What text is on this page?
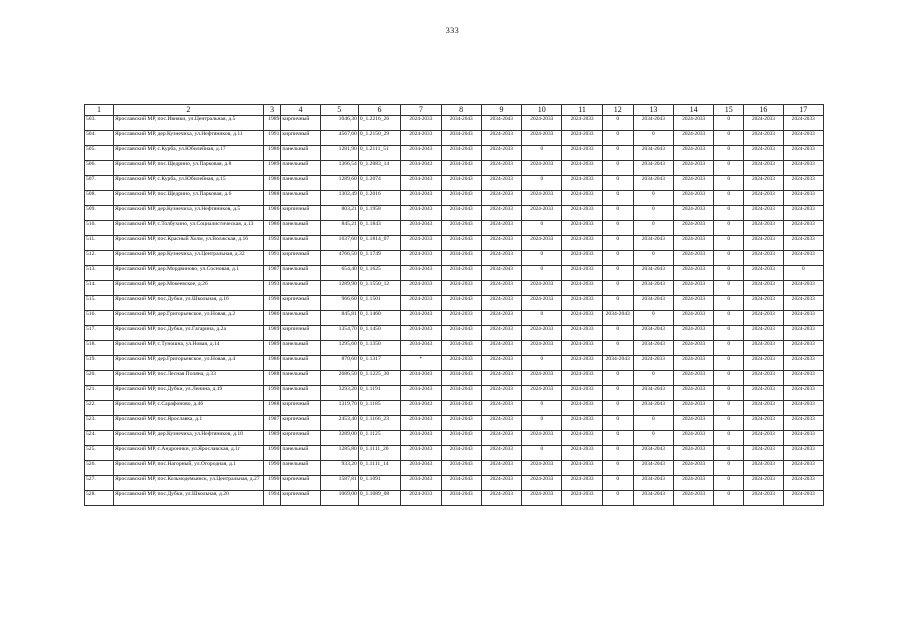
333
1	2	3	4	5	6	7	8	9	10	11	12	13	14	15	16	17
503.	Ярославский МР, пос.Ивняки, ул.Центральная, д.5	1989	кирпичный	1046,30	0_1.2216_26	2024-2033	2034-2043	2034-2043	2024-2033	2024-2033	0	2034-2043	2024-2033	0	2024-2033	2024-2033
504.	Ярославский МР, дер.Кузнечиха, ул.Нефтяников, д.11	1991	кирпичный	4567,60	0_1.2150_29	2024-2033	2034-2043	2024-2033	2024-2033	2024-2033	0	0	2024-2033	0	2024-2033	2024-2033
505.	Ярославский МР, с.Курба, ул.Юбилейная, д.17	1986	панельный	1281,90	0_1.2111_51	2034-2043	2034-2043	2024-2033	0	2024-2033	0	2034-2043	2024-2033	0	2024-2033	2024-2033
506.	Ярославский МР, пос.Щедрино, ул.Парковая, д.8	1989	панельный	1366,54	0_1.2083_14	2034-2043	2034-2043	2024-2033	2024-2033	2024-2033	0	2034-2043	2024-2033	0	2024-2033	2024-2033
507.	Ярославский МР, с.Курба, ул.Юбилейная, д.15	1986	панельный	1289,60	0_1.2074	2034-2043	2034-2043	2024-2033	0	2024-2033	0	2034-2043	2024-2033	0	2024-2033	2024-2033
508.	Ярославский МР, пос.Щедрино, ул.Парковая, д.6	1988	панельный	1302,49	0_1.2016	2034-2043	2034-2043	2024-2033	2024-2033	2024-2033	0	0	2024-2033	0	2024-2033	2024-2033
509.	Ярославский МР, дер.Кузнечиха, ул.Нефтяников, д.5	1986	кирпичный	803,21	0_1.1958	2034-2043	2034-2043	2024-2033	2024-2033	2024-2033	0	0	2024-2033	0	2024-2033	2024-2033
510.	Ярославский МР, с.Толбухино, ул.Социалистическая, д.13	1986	панельный	845,21	0_1.1843	2034-2043	2034-2043	2024-2033	0	2024-2033	0	0	2024-2033	0	2024-2033	2024-2033
511.	Ярославский МР, пос.Красный Холм, ул.Волжская, д.16	1992	панельный	1637,60	0_1.1814_07	2024-2033	2034-2043	2024-2033	2024-2033	2024-2033	0	2034-2043	2024-2033	0	2024-2033	2024-2033
512.	Ярославский МР, дер.Кузнечиха, ул.Центральная, д.32	1991	кирпичный	4766,50	0_1.1749	2024-2033	2034-2043	2024-2033	0	2024-2033	0	0	2024-2033	0	2024-2033	2024-2033
513.	Ярославский МР, дер.Мордвиново, ул.Сосновая, д.1	1987	панельный	654,40	0_1.1625	2034-2043	2034-2043	2034-2043	0	2024-2033	0	2034-2043	2024-2033	0	2024-2033	0
514.	Ярославский МР, дер.Мокеевское, д.26	1993	панельный	1289,90	0_1.1550_12	2024-2033	2024-2033	2024-2033	2024-2033	2024-2033	0	2034-2043	2024-2033	0	2024-2033	2024-2033
515.	Ярославский МР, пос.Дубки, ул.Школьная, д.16	1990	кирпичный	966,60	0_1.1501	2024-2033	2034-2043	2024-2033	2024-2033	2024-2033	0	2034-2043	2024-2033	0	2024-2033	2024-2033
516.	Ярославский МР, дер.Григорьевское, ул.Новая, д.2	1986	панельный	845,81	0_1.1460	2034-2043	2024-2033	2024-2033	0	2024-2033	2034-2043	0	2024-2033	0	2024-2033	2024-2033
517.	Ярославский МР, пос.Дубки, ул.Гагарина, д.2а	1989	кирпичный	1354,70	0_1.1450	2034-2043	2034-2043	2024-2033	2024-2033	2024-2033	0	2034-2043	2024-2033	0	2024-2033	2024-2033
518.	Ярославский МР, с.Туношна, ул.Новая, д.14	1989	панельный	1295,60	0_1.1350	2034-2043	2034-2043	2024-2033	2024-2033	2024-2033	0	2034-2043	2024-2033	0	2024-2033	2024-2033
519.	Ярославский МР, дер.Григорьевское, ул.Новая, д.4	1986	панельный	870,60	0_1.1317	*	2024-2033	2024-2033	0	2024-2033	2034-2043	2024-2033	2024-2033	0	2024-2033	2024-2033
520.	Ярославский МР, пос.Лесная Поляна, д.33	1988	панельный	2686,50	0_1.1225_30	2034-2043	2034-2043	2024-2033	2024-2033	2024-2033	0	0	2024-2033	0	2024-2033	2024-2033
521.	Ярославский МР, пос.Дубки, ул.Ленина, д.19	1990	панельный	3293,20	0_1.1191	2034-2043	2034-2043	2024-2033	2024-2033	2024-2033	0	2034-2043	2024-2033	0	2024-2033	2024-2033
522.	Ярославский МР, с.Сарафоново, д.46	1988	кирпичный	1319,70	0_1.1185	2034-2043	2034-2043	2024-2033	0	2024-2033	0	2034-2043	2024-2033	0	2024-2033	2024-2033
523.	Ярославский МР, пос.Ярославка, д.1	1987	кирпичный	2453,40	0_1.1166_23	2034-2043	2034-2043	2024-2033	0	2024-2033	0	0	2024-2033	0	2024-2033	2024-2033
524.	Ярославский МР, дер.Кузнечиха, ул.Нефтяников, д.10	1989	кирпичный	3289,00	0_1.1125	2034-2043	2034-2043	2024-2033	2024-2033	2024-2033	0	0	2024-2033	0	2024-2033	2024-2033
525.	Ярославский МР, с.Андроники, ул.Ярославская, д.1г	1990	панельный	1285,80	0_1.1111_20	2034-2043	2034-2043	2024-2033	0	2024-2033	0	2034-2043	2024-2033	0	2024-2033	2024-2033
526.	Ярославский МР, пос.Нагорный, ул.Огородная, д.1	1990	панельный	933,20	0_1.1111_14	2034-2043	2034-2043	2024-2033	2024-2033	2024-2033	0	2034-2043	2024-2033	0	2024-2033	2024-2033
527.	Ярославский МР, пос.Козьмодемьянск, ул.Центральная, д.27	1990	кирпичный	1587,81	0_1.1091	2034-2043	2034-2043	2024-2033	2024-2033	2024-2033	0	2034-2043	2024-2033	0	2024-2033	2024-2033
528.	Ярославский МР, пос.Дубки, ул.Школьная, д.20	1994	кирпичный	1069,00	0_1.1089_08	2024-2033	2034-2043	2024-2033	2024-2033	2024-2033	0	2034-2043	2024-2033	0	2024-2033	2024-2033
